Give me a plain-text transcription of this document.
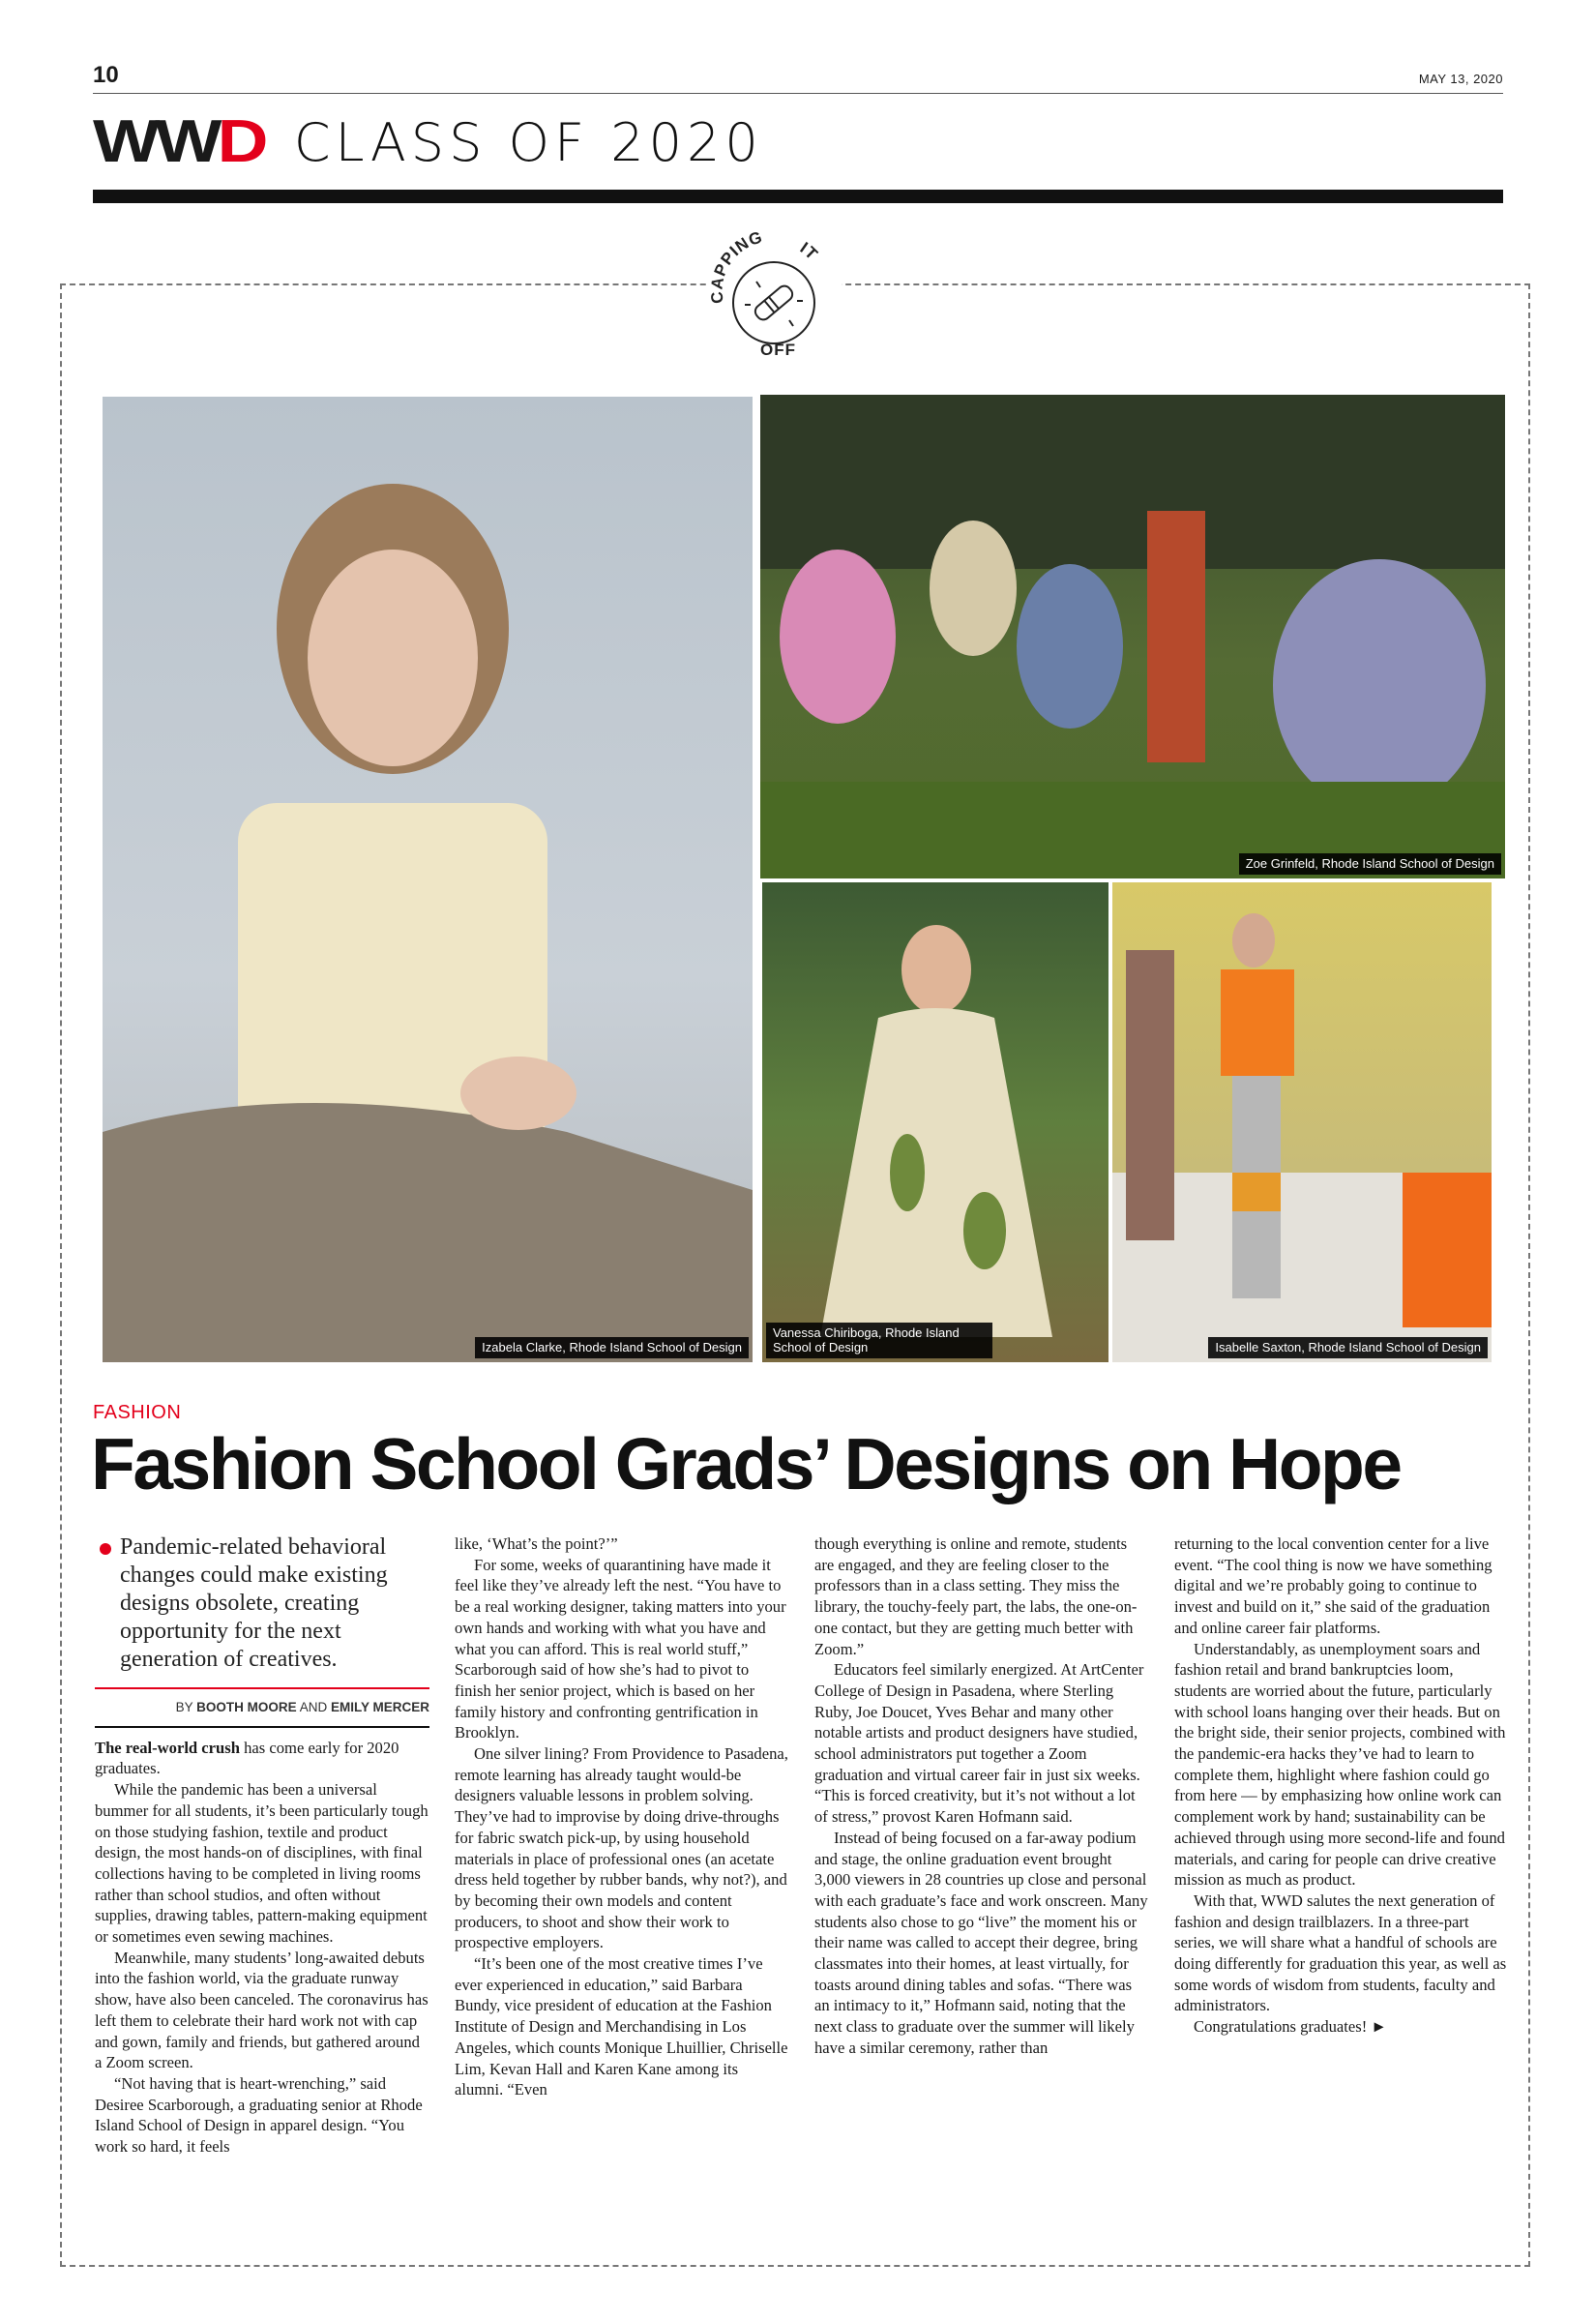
10	MAY 13, 2020
WWD CLASS OF 2020
CAPPING IT
OFF
Izabela Clarke, Rhode Island School of Design
Zoe Grinfeld, Rhode Island School of Design
Vanessa Chiriboga, Rhode Island School of Design	Isabelle Saxton, Rhode Island School of Design
FASHION
Fashion School Grads’ Designs on Hope
Pandemic-related behavioral changes could make existing designs obsolete, creating opportunity for the next generation of creatives.
BY BOOTH MOORE AND EMILY MERCER

The real-world crush has come early for 2020 graduates.

While the pandemic has been a universal bummer for all students, it’s been particularly tough on those studying fashion, textile and product design, the most hands-on of disciplines, with final collections having to be completed in living rooms rather than school studios, and often without supplies, drawing tables, pattern-making equipment or sometimes even sewing machines.

Meanwhile, many students’ long-awaited debuts into the fashion world, via the graduate runway show, have also been canceled. The coronavirus has left them to celebrate their hard work not with cap and gown, family and friends, but gathered around a Zoom screen.

“Not having that is heart-wrenching,” said Desiree Scarborough, a graduating senior at Rhode Island School of Design in apparel design. “You work so hard, it feels

like, ‘What’s the point?’”

For some, weeks of quarantining have made it feel like they’ve already left the nest. “You have to be a real working designer, taking matters into your own hands and working with what you have and what you can afford. This is real world stuff,” Scarborough said of how she’s had to pivot to finish her senior project, which is based on her family history and confronting gentrification in Brooklyn.

One silver lining? From Providence to Pasadena, remote learning has already taught would-be designers valuable lessons in problem solving. They’ve had to improvise by doing drive-throughs for fabric swatch pick-up, by using household materials in place of professional ones (an acetate dress held together by rubber bands, why not?), and by becoming their own models and content producers, to shoot and show their work to prospective employers.

“It’s been one of the most creative times I’ve ever experienced in education,” said Barbara Bundy, vice president of education at the Fashion Institute of Design and Merchandising in Los Angeles, which counts Monique Lhuillier, Chriselle Lim, Kevan Hall and Karen Kane among its alumni. “Even

though everything is online and remote, students are engaged, and they are feeling closer to the professors than in a class setting. They miss the library, the touchy-feely part, the labs, the one-on-one contact, but they are getting much better with Zoom.”

Educators feel similarly energized. At ArtCenter College of Design in Pasadena, where Sterling Ruby, Joe Doucet, Yves Behar and many other notable artists and product designers have studied, school administrators put together a Zoom graduation and virtual career fair in just six weeks. “This is forced creativity, but it’s not without a lot of stress,” provost Karen Hofmann said.

Instead of being focused on a far-away podium and stage, the online graduation event brought 3,000 viewers in 28 countries up close and personal with each graduate’s face and work onscreen. Many students also chose to go “live” the moment his or their name was called to accept their degree, bring classmates into their homes, at least virtually, for toasts around dining tables and sofas. “There was an intimacy to it,” Hofmann said, noting that the next class to graduate over the summer will likely have a similar ceremony, rather than

returning to the local convention center for a live event. “The cool thing is now we have something digital and we’re probably going to continue to invest and build on it,” she said of the graduation and online career fair platforms.

Understandably, as unemployment soars and fashion retail and brand bankruptcies loom, students are worried about the future, particularly with school loans hanging over their heads. But on the bright side, their senior projects, combined with the pandemic-era hacks they’ve had to learn to complete them, highlight where fashion could go from here — by emphasizing how online work can complement work by hand; sustainability can be achieved through using more second-life and found materials, and caring for people can drive creative mission as much as product.

With that, WWD salutes the next generation of fashion and design trailblazers. In a three-part series, we will share what a handful of schools are doing differently for graduation this year, as well as some words of wisdom from students, faculty and administrators.

Congratulations graduates! ►
